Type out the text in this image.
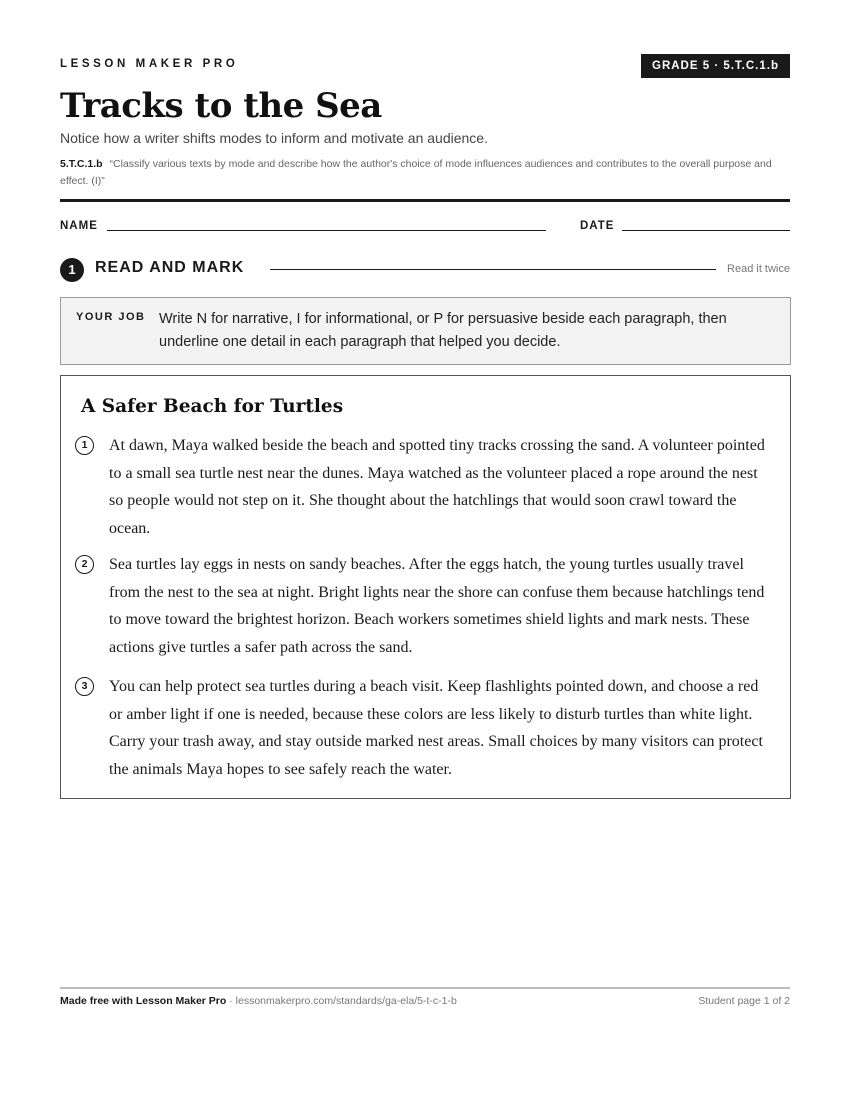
LESSON MAKER PRO	GRADE 5 · 5.T.C.1.b
Tracks to the Sea
Notice how a writer shifts modes to inform and motivate an audience.
5.T.C.1.b “Classify various texts by mode and describe how the author's choice of mode influences audiences and contributes to the overall purpose and effect. (I)”
NAME	DATE
1	READ AND MARK	Read it twice
YOUR JOB Write N for narrative, I for informational, or P for persuasive beside each paragraph, then underline one detail in each paragraph that helped you decide.
A Safer Beach for Turtles
1	At dawn, Maya walked beside the beach and spotted tiny tracks crossing the sand. A volunteer pointed to a small sea turtle nest near the dunes. Maya watched as the volunteer placed a rope around the nest so people would not step on it. She thought about the hatchlings that would soon crawl toward the ocean.

2	Sea turtles lay eggs in nests on sandy beaches. After the eggs hatch, the young turtles usually travel from the nest to the sea at night. Bright lights near the shore can confuse them because hatchlings tend to move toward the brightest horizon. Beach workers sometimes shield lights and mark nests. These actions give turtles a safer path across the sand.

3	You can help protect sea turtles during a beach visit. Keep flashlights pointed down, and choose a red or amber light if one is needed, because these colors are less likely to disturb turtles than white light. Carry your trash away, and stay outside marked nest areas. Small choices by many visitors can protect the animals Maya hopes to see safely reach the water.

Made free with Lesson Maker Pro · lessonmakerpro.com/standards/ga-ela/5-t-c-1-b	Student page 1 of 2
